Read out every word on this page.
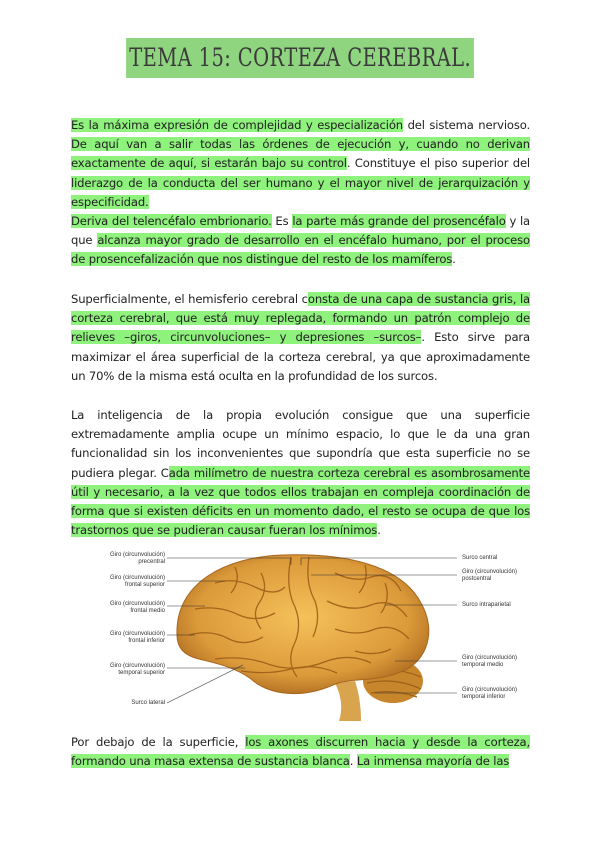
TEMA 15: CORTEZA CEREBRAL.
Es la máxima expresión de complejidad y especialización del sistema nervioso. De aquí van a salir todas las órdenes de ejecución y, cuando no derivan exactamente de aquí, si estarán bajo su control. Constituye el piso superior del liderazgo de la conducta del ser humano y el mayor nivel de jerarquización y especificidad.
Deriva del telencéfalo embrionario. Es la parte más grande del prosencéfalo y la que alcanza mayor grado de desarrollo en el encéfalo humano, por el proceso de prosencefalización que nos distingue del resto de los mamíferos.
Superficialmente, el hemisferio cerebral consta de una capa de sustancia gris, la corteza cerebral, que está muy replegada, formando un patrón complejo de relieves –giros, circunvoluciones– y depresiones –surcos–. Esto sirve para maximizar el área superficial de la corteza cerebral, ya que aproximadamente un 70% de la misma está oculta en la profundidad de los surcos.
La inteligencia de la propia evolución consigue que una superficie extremadamente amplia ocupe un mínimo espacio, lo que le da una gran funcionalidad sin los inconvenientes que supondría que esta superficie no se pudiera plegar. Cada milímetro de nuestra corteza cerebral es asombrosamente útil y necesario, a la vez que todos ellos trabajan en compleja coordinación de forma que si existen déficits en un momento dado, el resto se ocupa de que los trastornos que se pudieran causar fueran los mínimos.
Giro (circunvolución)
precentral
Giro (circunvolución)
frontal superior
Giro (circunvolución)
frontal medio
Giro (circunvolución)
frontal inferior
Giro (circunvolución)
temporal superior
Surco lateral
Surco central
Giro (circunvolución)
postcentral
Surco intraparietal
Giro (circunvolución)
temporal medio
Giro (circunvolución)
temporal inferior
Por debajo de la superficie, los axones discurren hacia y desde la corteza, formando una masa extensa de sustancia blanca. La inmensa mayoría de las
